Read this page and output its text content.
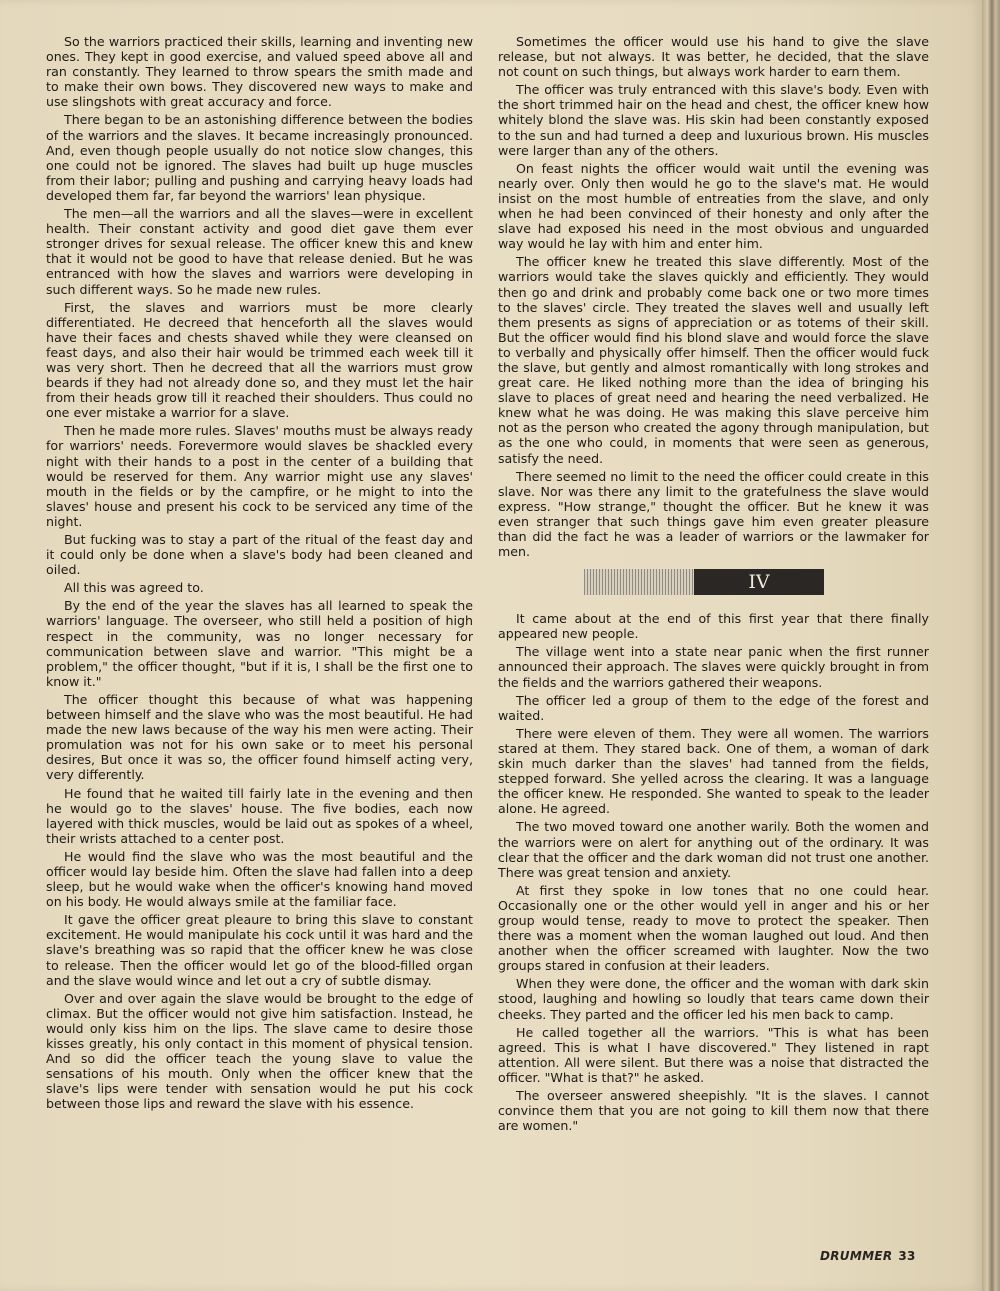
So the warriors practiced their skills, learning and inventing new ones. They kept in good exercise, and valued speed above all and ran constantly. They learned to throw spears the smith made and to make their own bows. They discovered new ways to make and use slingshots with great accuracy and force.

There began to be an astonishing difference between the bodies of the warriors and the slaves. It became increasingly pronounced. And, even though people usually do not notice slow changes, this one could not be ignored. The slaves had built up huge muscles from their labor; pulling and pushing and carrying heavy loads had developed them far, far beyond the warriors' lean physique.

The men—all the warriors and all the slaves—were in excellent health. Their constant activity and good diet gave them ever stronger drives for sexual release. The officer knew this and knew that it would not be good to have that release denied. But he was entranced with how the slaves and warriors were developing in such different ways. So he made new rules.

First, the slaves and warriors must be more clearly differentiated. He decreed that henceforth all the slaves would have their faces and chests shaved while they were cleansed on feast days, and also their hair would be trimmed each week till it was very short. Then he decreed that all the warriors must grow beards if they had not already done so, and they must let the hair from their heads grow till it reached their shoulders. Thus could no one ever mistake a warrior for a slave.

Then he made more rules. Slaves' mouths must be always ready for warriors' needs. Forevermore would slaves be shackled every night with their hands to a post in the center of a building that would be reserved for them. Any warrior might use any slaves' mouth in the fields or by the campfire, or he might to into the slaves' house and present his cock to be serviced any time of the night.

But fucking was to stay a part of the ritual of the feast day and it could only be done when a slave's body had been cleaned and oiled.

All this was agreed to.

By the end of the year the slaves has all learned to speak the warriors' language. The overseer, who still held a position of high respect in the community, was no longer necessary for communication between slave and warrior. "This might be a problem," the officer thought, "but if it is, I shall be the first one to know it."

The officer thought this because of what was happening between himself and the slave who was the most beautiful. He had made the new laws because of the way his men were acting. Their promulation was not for his own sake or to meet his personal desires, But once it was so, the officer found himself acting very, very differently.

He found that he waited till fairly late in the evening and then he would go to the slaves' house. The five bodies, each now layered with thick muscles, would be laid out as spokes of a wheel, their wrists attached to a center post.

He would find the slave who was the most beautiful and the officer would lay beside him. Often the slave had fallen into a deep sleep, but he would wake when the officer's knowing hand moved on his body. He would always smile at the familiar face.

It gave the officer great pleaure to bring this slave to constant excitement. He would manipulate his cock until it was hard and the slave's breathing was so rapid that the officer knew he was close to release. Then the officer would let go of the blood-filled organ and the slave would wince and let out a cry of subtle dismay.

Over and over again the slave would be brought to the edge of climax. But the officer would not give him satisfaction. Instead, he would only kiss him on the lips. The slave came to desire those kisses greatly, his only contact in this moment of physical tension. And so did the officer teach the young slave to value the sensations of his mouth. Only when the officer knew that the slave's lips were tender with sensation would he put his cock between those lips and reward the slave with his essence.

Sometimes the officer would use his hand to give the slave release, but not always. It was better, he decided, that the slave not count on such things, but always work harder to earn them.

The officer was truly entranced with this slave's body. Even with the short trimmed hair on the head and chest, the officer knew how whitely blond the slave was. His skin had been constantly exposed to the sun and had turned a deep and luxurious brown. His muscles were larger than any of the others.

On feast nights the officer would wait until the evening was nearly over. Only then would he go to the slave's mat. He would insist on the most humble of entreaties from the slave, and only when he had been convinced of their honesty and only after the slave had exposed his need in the most obvious and unguarded way would he lay with him and enter him.

The officer knew he treated this slave differently. Most of the warriors would take the slaves quickly and efficiently. They would then go and drink and probably come back one or two more times to the slaves' circle. They treated the slaves well and usually left them presents as signs of appreciation or as totems of their skill. But the officer would find his blond slave and would force the slave to verbally and physically offer himself. Then the officer would fuck the slave, but gently and almost romantically with long strokes and great care. He liked nothing more than the idea of bringing his slave to places of great need and hearing the need verbalized. He knew what he was doing. He was making this slave perceive him not as the person who created the agony through manipulation, but as the one who could, in moments that were seen as generous, satisfy the need.

There seemed no limit to the need the officer could create in this slave. Nor was there any limit to the gratefulness the slave would express. "How strange," thought the officer. But he knew it was even stranger that such things gave him even greater pleasure than did the fact he was a leader of warriors or the lawmaker for men.

IV

It came about at the end of this first year that there finally appeared new people.

The village went into a state near panic when the first runner announced their approach. The slaves were quickly brought in from the fields and the warriors gathered their weapons.

The officer led a group of them to the edge of the forest and waited.

There were eleven of them. They were all women. The warriors stared at them. They stared back. One of them, a woman of dark skin much darker than the slaves' had tanned from the fields, stepped forward. She yelled across the clearing. It was a language the officer knew. He responded. She wanted to speak to the leader alone. He agreed.

The two moved toward one another warily. Both the women and the warriors were on alert for anything out of the ordinary. It was clear that the officer and the dark woman did not trust one another. There was great tension and anxiety.

At first they spoke in low tones that no one could hear. Occasionally one or the other would yell in anger and his or her group would tense, ready to move to protect the speaker. Then there was a moment when the woman laughed out loud. And then another when the officer screamed with laughter. Now the two groups stared in confusion at their leaders.

When they were done, the officer and the woman with dark skin stood, laughing and howling so loudly that tears came down their cheeks. They parted and the officer led his men back to camp.

He called together all the warriors. "This is what has been agreed. This is what I have discovered." They listened in rapt attention. All were silent. But there was a noise that distracted the officer. "What is that?" he asked.

The overseer answered sheepishly. "It is the slaves. I cannot convince them that you are not going to kill them now that there are women."

DRUMMER 33
